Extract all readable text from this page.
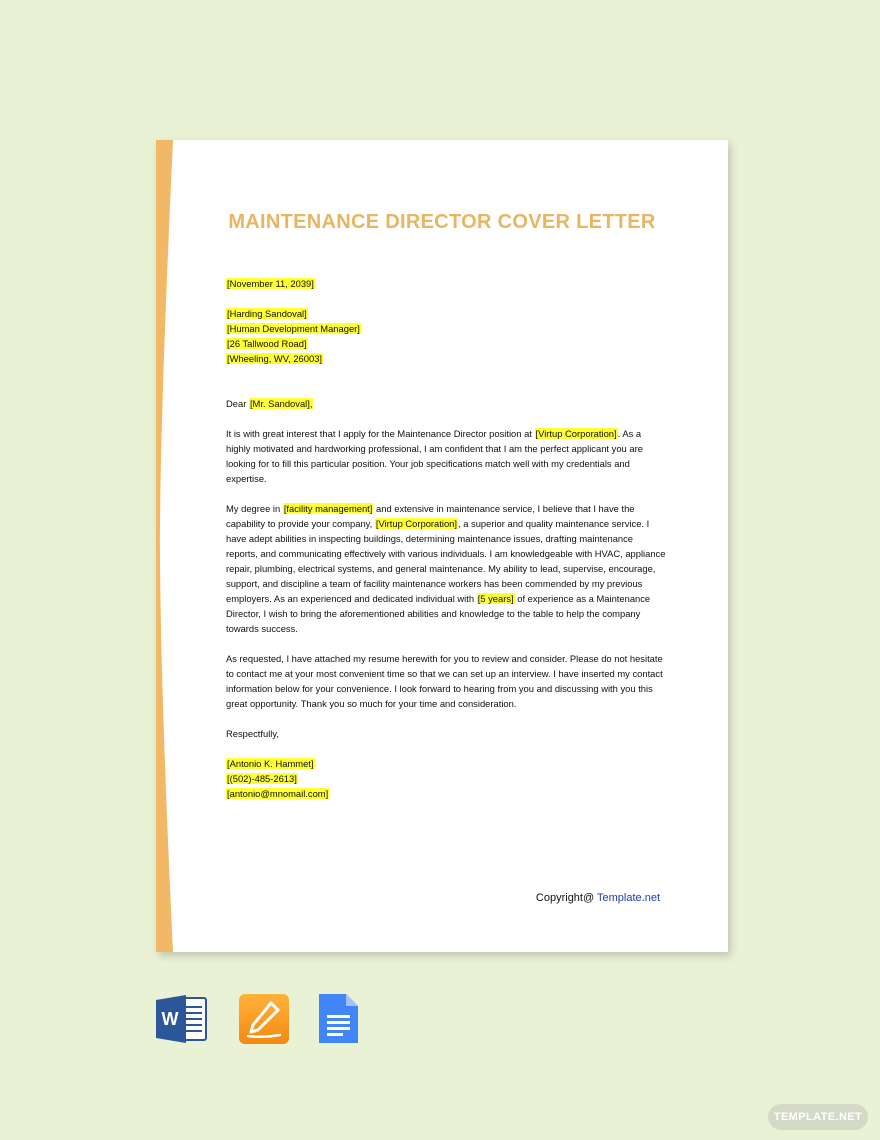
MAINTENANCE DIRECTOR COVER LETTER

[November 11, 2039]

[Harding Sandoval]
[Human Development Manager]
[26 Tallwood Road]
[Wheeling, WV, 26003]

Dear [Mr. Sandoval],

It is with great interest that I apply for the Maintenance Director position at [Virtup Corporation]. As a highly motivated and hardworking professional, I am confident that I am the perfect applicant you are looking for to fill this particular position. Your job specifications match well with my credentials and expertise.

My degree in [facility management] and extensive in maintenance service, I believe that I have the capability to provide your company, [Virtup Corporation], a superior and quality maintenance service. I have adept abilities in inspecting buildings, determining maintenance issues, drafting maintenance reports, and communicating effectively with various individuals. I am knowledgeable with HVAC, appliance repair, plumbing, electrical systems, and general maintenance. My ability to lead, supervise, encourage, support, and discipline a team of facility maintenance workers has been commended by my previous employers. As an experienced and dedicated individual with [5 years] of experience as a Maintenance Director, I wish to bring the aforementioned abilities and knowledge to the table to help the company towards success.

As requested, I have attached my resume herewith for you to review and consider. Please do not hesitate to contact me at your most convenient time so that we can set up an interview. I have inserted my contact information below for your convenience. I look forward to hearing from you and discussing with you this great opportunity. Thank you so much for your time and consideration.

Respectfully,

[Antonio K. Hammet]
[(502)-485-2613]
[antonio@mnomail.com]

Copyright@ Template.net
W
TEMPLATE.NET
